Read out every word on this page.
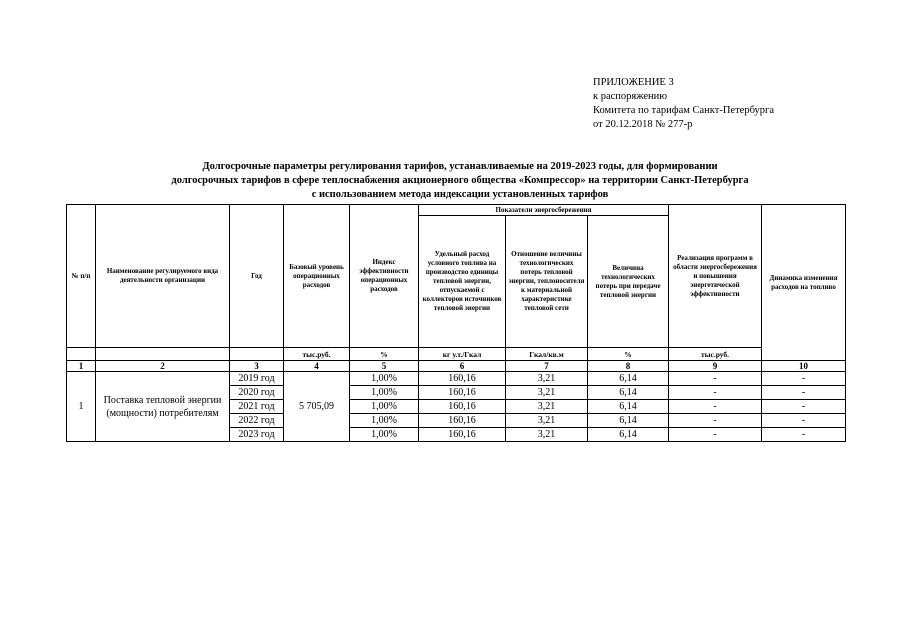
ПРИЛОЖЕНИЕ 3
к распоряжению
Комитета по тарифам Санкт-Петербурга
от 20.12.2018 № 277-р
Долгосрочные параметры регулирования тарифов, устанавливаемые на 2019-2023 годы, для формировании
долгосрочных тарифов в сфере теплоснабжения акционерного общества «Компрессор» на территории Санкт-Петербурга
с использованием метода индексации установленных тарифов
№ п/п	Наименование регулируемого вида деятельности организации	Год	Базовый уровень операционных расходов	Индекс эффективности операционных расходов	Показатели энергосбережения			Реализация программ в области энергосбережения и повышения энергетической эффективности	Динамика изменения расходов на топливо
					Удельный расход условного топлива на производство единицы тепловой энергии, отпускаемой с коллекторов источников тепловой энергии	Отношение величины технологических потерь тепловой энергии, теплоносителя к материальной характеристике тепловой сети	Величина технологических потерь при передаче тепловой энергии		
			тыс.руб.	%	кг у.т./Гкал	Гкал/кв.м	%	тыс.руб.	
1	2	3	4	5	6	7	8	9	10
1	Поставка тепловой энергии (мощности) потребителям	2019 год	5 705,09	1,00%	160,16	3,21	6,14	-	-
		2020 год		1,00%	160,16	3,21	6,14	-	-
		2021 год		1,00%	160,16	3,21	6,14	-	-
		2022 год		1,00%	160,16	3,21	6,14	-	-
		2023 год		1,00%	160,16	3,21	6,14	-	-
